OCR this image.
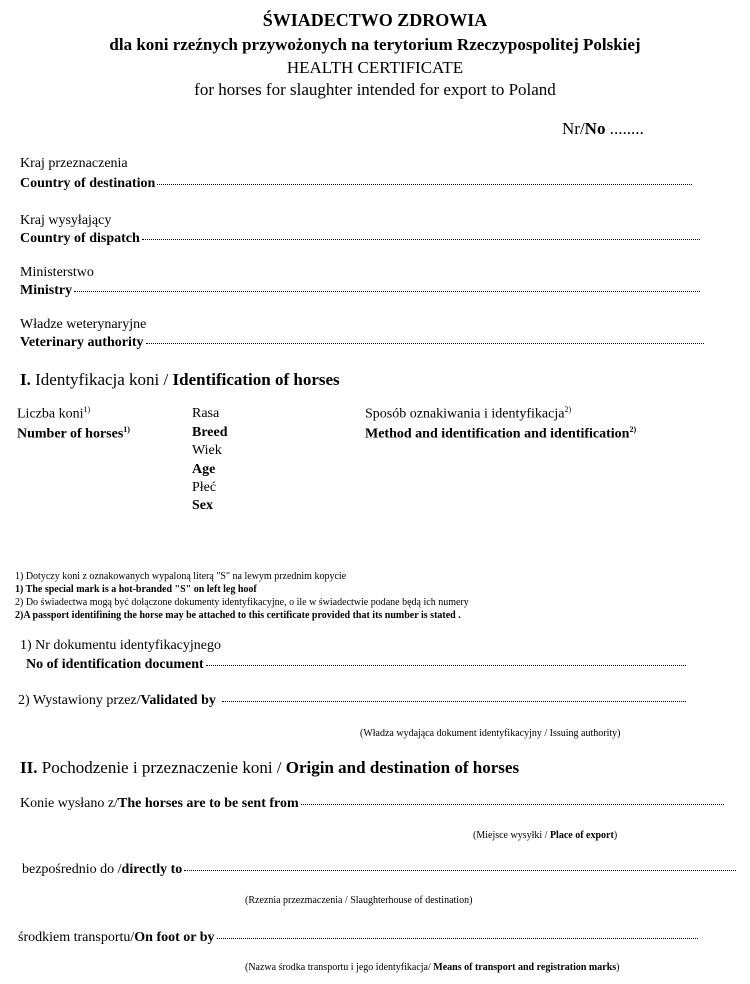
ŚWIADECTWO ZDROWIA
dla koni rzeźnych przywożonych na terytorium Rzeczypospolitej Polskiej
HEALTH CERTIFICATE
for horses for slaughter intended for export to Poland
Nr/No ........
Kraj przeznaczenia
Country of destination
Kraj wysyłający
Country of dispatch
Ministerstwo
Ministry
Władze weterynaryjne
Veterinary authority
I. Identyfikacja koni / Identification of horses
Liczba koni$^{1)}$
Number of horses$^{1)}$
Rasa
Breed
Wiek
Age
Płeć
Sex
Sposób oznakiwania i identyfikacja$^{2)}$
Method and identification and identification$^{2)}$
1) Dotyczy koni z oznakowanych wypaloną literą "S" na lewym przednim kopycie
1) The special mark is a hot-branded "S" on left leg hoof
2) Do świadectwa mogą być dołączone dokumenty identyfikacyjne, o ile w świadectwie podane będą ich numery
2)A passport identifining the horse may be attached to this certificate provided that its number is stated .
1) Nr dokumentu identyfikacyjnego
No of identification document
2) Wystawiony przez/ Validated by
(Władza wydająca dokument identyfikacyjny / Issuing authority)
II. Pochodzenie i przeznaczenie koni / Origin and destination of horses
Konie wysłano z/ The horses are to be sent from
(Miejsce wysyłki / Place of export)
bezpośrednio do / directly to
(Rzeznia przezmaczenia / Slaughterhouse of destination)
środkiem transportu/ On foot or by
(Nazwa środka transportu i jego identyfikacja/ Means of transport and registration marks)
